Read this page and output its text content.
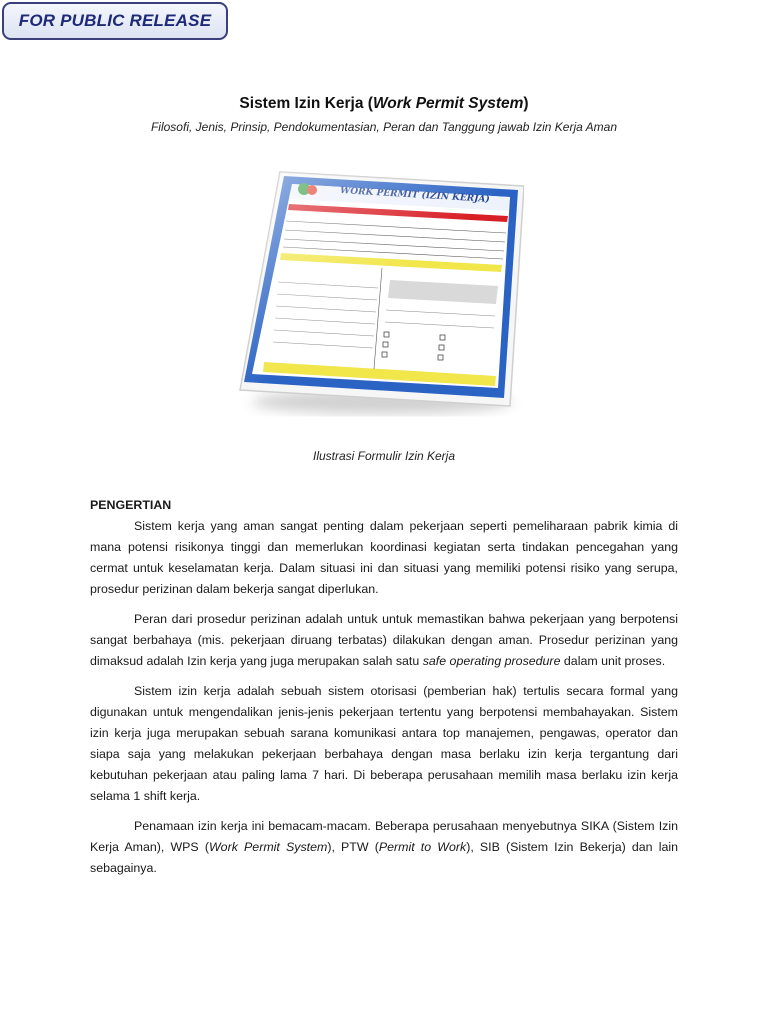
FOR PUBLIC RELEASE
Sistem Izin Kerja (Work Permit System)
Filosofi, Jenis, Prinsip, Pendokumentasian, Peran dan Tanggung jawab Izin Kerja Aman
Ilustrasi Formulir Izin Kerja
PENGERTIAN

Sistem kerja yang aman sangat penting dalam pekerjaan seperti pemeliharaan pabrik kimia di mana potensi risikonya tinggi dan memerlukan koordinasi kegiatan serta tindakan pencegahan yang cermat untuk keselamatan kerja. Dalam situasi ini dan situasi yang memiliki potensi risiko yang serupa, prosedur perizinan dalam bekerja sangat diperlukan.

Peran dari prosedur perizinan adalah untuk untuk memastikan bahwa pekerjaan yang berpotensi sangat berbahaya (mis. pekerjaan diruang terbatas) dilakukan dengan aman. Prosedur perizinan yang dimaksud adalah Izin kerja yang juga merupakan salah satu safe operating prosedure dalam unit proses.

Sistem izin kerja adalah sebuah sistem otorisasi (pemberian hak) tertulis secara formal yang digunakan untuk mengendalikan jenis-jenis pekerjaan tertentu yang berpotensi membahayakan. Sistem izin kerja juga merupakan sebuah sarana komunikasi antara top manajemen, pengawas, operator dan siapa saja yang melakukan pekerjaan berbahaya dengan masa berlaku izin kerja tergantung dari kebutuhan pekerjaan atau paling lama 7 hari. Di beberapa perusahaan memilih masa berlaku izin kerja selama 1 shift kerja.

Penamaan izin kerja ini bemacam-macam. Beberapa perusahaan menyebutnya SIKA (Sistem Izin Kerja Aman), WPS (Work Permit System), PTW (Permit to Work), SIB (Sistem Izin Bekerja) dan lain sebagainya.
